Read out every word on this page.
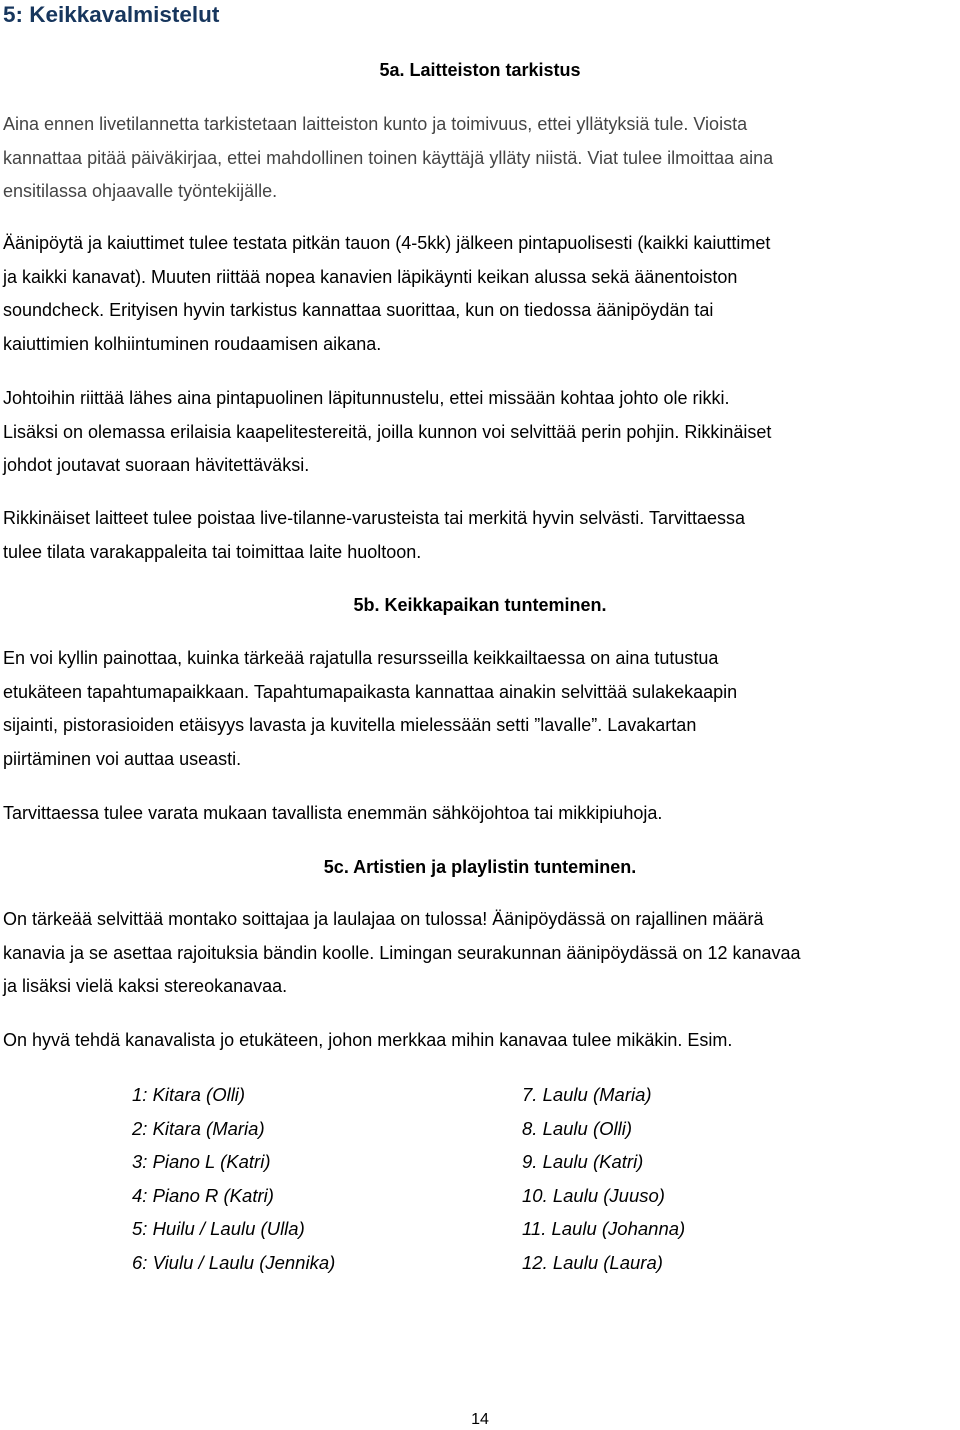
5: Keikkavalmistelut
5a. Laitteiston tarkistus
Aina ennen livetilannetta tarkistetaan laitteiston kunto ja toimivuus, ettei yllätyksiä tule. Vioista
kannattaa pitää päiväkirjaa, ettei mahdollinen toinen käyttäjä ylläty niistä. Viat tulee ilmoittaa aina
ensitilassa ohjaavalle työntekijälle.
Äänipöytä ja kaiuttimet tulee testata pitkän tauon (4-5kk) jälkeen pintapuolisesti (kaikki kaiuttimet
ja kaikki kanavat). Muuten riittää nopea kanavien läpikäynti keikan alussa sekä äänentoiston
soundcheck. Erityisen hyvin tarkistus kannattaa suorittaa, kun on tiedossa äänipöydän tai
kaiuttimien kolhiintuminen roudaamisen aikana.
Johtoihin riittää lähes aina pintapuolinen läpitunnustelu, ettei missään kohtaa johto ole rikki.
Lisäksi on olemassa erilaisia kaapelitestereitä, joilla kunnon voi selvittää perin pohjin. Rikkinäiset
johdot joutavat suoraan hävitettäväksi.
Rikkinäiset laitteet tulee poistaa live-tilanne-varusteista tai merkitä hyvin selvästi. Tarvittaessa
tulee tilata varakappaleita tai toimittaa laite huoltoon.
5b. Keikkapaikan tunteminen.
En voi kyllin painottaa, kuinka tärkeää rajatulla resursseilla keikkailtaessa on aina tutustua
etukäteen tapahtumapaikkaan. Tapahtumapaikasta kannattaa ainakin selvittää sulakekaapin
sijainti, pistorasioiden etäisyys lavasta ja kuvitella mielessään setti ”lavalle”. Lavakartan
piirtäminen voi auttaa useasti.
Tarvittaessa tulee varata mukaan tavallista enemmän sähköjohtoa tai mikkipiuhoja.
5c. Artistien ja playlistin tunteminen.
On tärkeää selvittää montako soittajaa ja laulajaa on tulossa! Äänipöydässä on rajallinen määrä
kanavia ja se asettaa rajoituksia bändin koolle. Limingan seurakunnan äänipöydässä on 12 kanavaa
ja lisäksi vielä kaksi stereokanavaa.
On hyvä tehdä kanavalista jo etukäteen, johon merkkaa mihin kanavaa tulee mikäkin. Esim.
1: Kitara (Olli)
2: Kitara (Maria)
3: Piano L (Katri)
4: Piano R (Katri)
5: Huilu / Laulu (Ulla)
6: Viulu / Laulu (Jennika)
7. Laulu (Maria)
8. Laulu (Olli)
9. Laulu (Katri)
10. Laulu (Juuso)
11. Laulu (Johanna)
12. Laulu (Laura)
14
